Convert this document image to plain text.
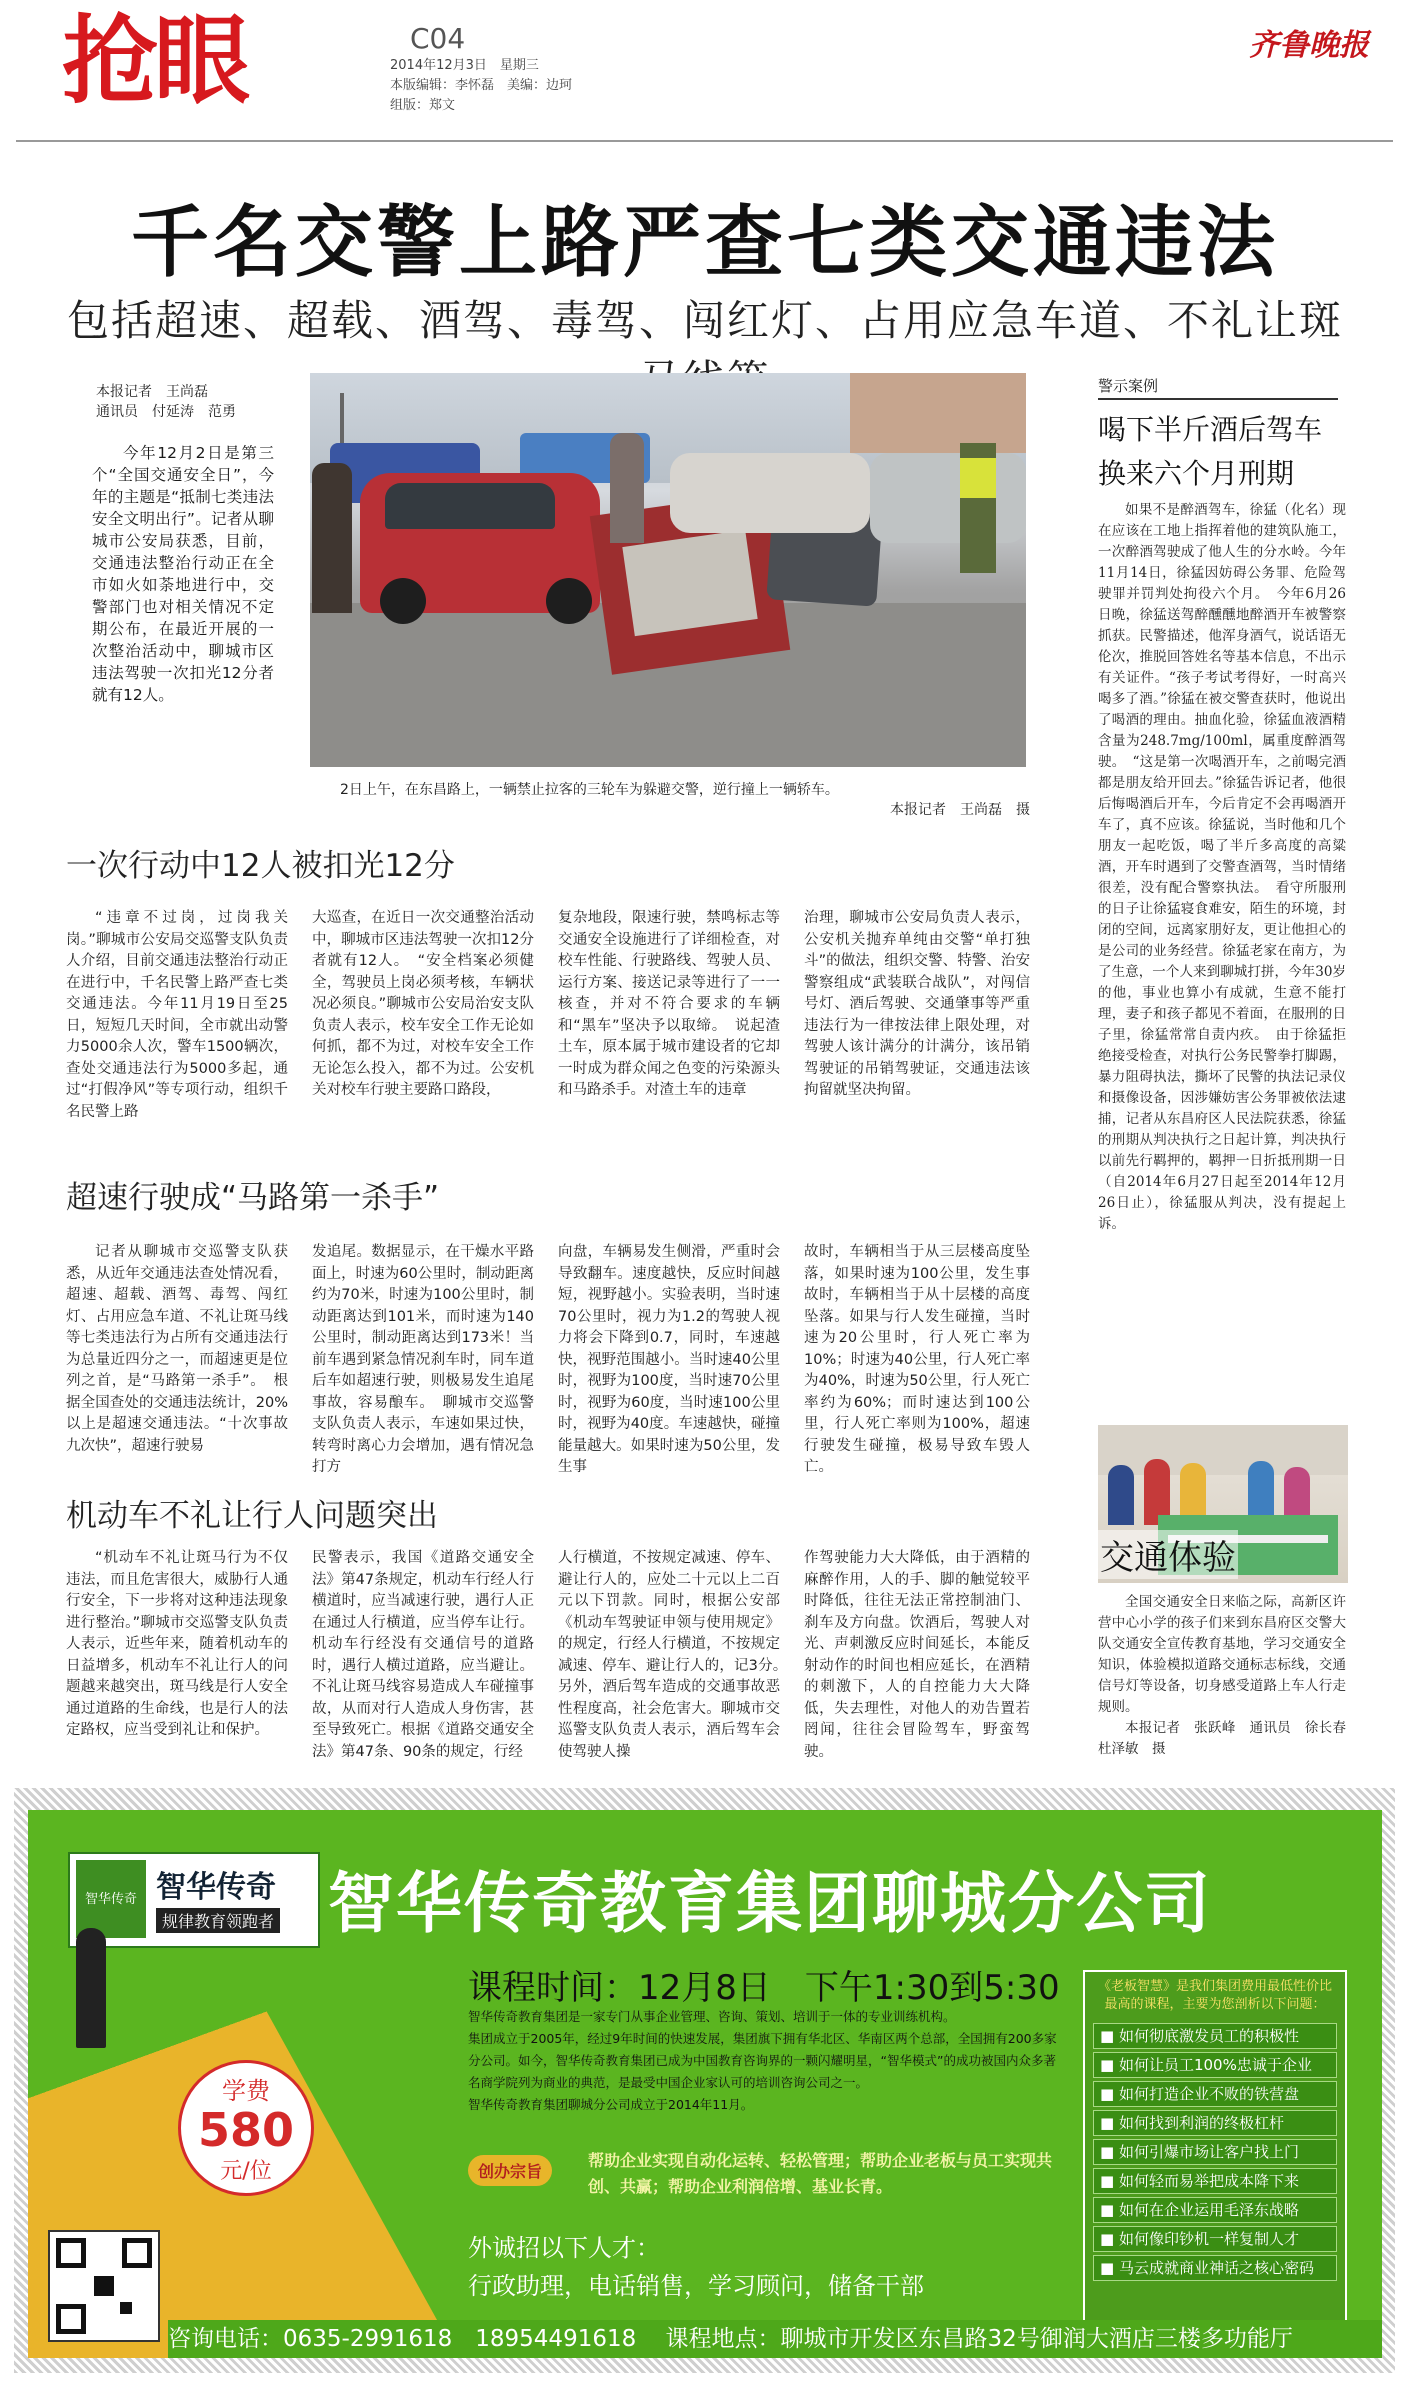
抢眼	C04
2014年12月3日　星期三
本版编辑：李怀磊　美编：边珂
组版：郑文
齐鲁晚报
千名交警上路严查七类交通违法
包括超速、超载、酒驾、毒驾、闯红灯、占用应急车道、不礼让斑
本报记者　王尚磊
通讯员　付延涛　范勇
今年12月2日是第三个“全国交通安全日”，今年的主题是“抵制七类违法安全文明出行”。记者从聊城市公安局获悉，目前，交通违法整治行动正在全市如火如荼地进行中，交警部门也对相关情况不定期公布，在最近开展的一次整治活动中，聊城市区违法驾驶一次扣光12分者就有12人。
2日上午，在东昌路上，一辆禁止拉客的三轮车为躲避交警，逆行撞上一辆轿车。
本报记者　王尚磊　摄
一次行动中12人被扣光12分
“违章不过岗，过岗我关岗。”聊城市公安局交巡警支队负责人介绍，目前交通违法整治行动正在进行中，千名民警上路严查七类交通违法。今年11月19日至25日，短短几天时间，全市就出动警力5000余人次，警车1500辆次，查处交通违法行为5000多起，通过“打假净风”等专项行动，组织千名民警上路
大巡查，在近日一次交通整治活动中，聊城市区违法驾驶一次扣12分者就有12人。　“安全档案必须健全，驾驶员上岗必须考核，车辆状况必须良。”聊城市公安局治安支队负责人表示，校车安全工作无论如何抓，都不为过，对校车安全工作无论怎么投入，都不为过。公安机关对校车行驶主要路口路段，
复杂地段，限速行驶，禁鸣标志等交通安全设施进行了详细检查，对校车性能、行驶路线、驾驶人员、运行方案、接送记录等进行了一一核查，并对不符合要求的车辆和“黑车”坚决予以取缔。　说起渣土车，原本属于城市建设者的它却一时成为群众闻之色变的污染源头和马路杀手。对渣土车的违章
治理，聊城市公安局负责人表示，公安机关抛弃单纯由交警“单打独斗”的做法，组织交警、特警、治安警察组成“武装联合战队”，对闯信号灯、酒后驾驶、交通肇事等严重违法行为一律按法律上限处理，对驾驶人该计满分的计满分，该吊销驾驶证的吊销驾驶证，交通违法该拘留就坚决拘留。
超速行驶成“马路第一杀手”
记者从聊城市交巡警支队获悉，从近年交通违法查处情况看，超速、超载、酒驾、毒驾、闯红灯、占用应急车道、不礼让斑马线等七类违法行为占所有交通违法行为总量近四分之一，而超速更是位列之首，是“马路第一杀手”。　根据全国查处的交通违法统计，20%以上是超速交通违法。“十次事故九次快”，超速行驶易
发追尾。数据显示，在干燥水平路面上，时速为60公里时，制动距离约为70米，时速为100公里时，制动距离达到101米，而时速为140公里时，制动距离达到173米！当前车遇到紧急情况刹车时，同车道后车如超速行驶，则极易发生追尾事故，容易酿车。　聊城市交巡警支队负责人表示，车速如果过快，转弯时离心力会增加，遇有情况急打方
向盘，车辆易发生侧滑，严重时会导致翻车。速度越快，反应时间越短，视野越小。实验表明，当时速70公里时，视力为1.2的驾驶人视力将会下降到0.7，同时，车速越快，视野范围越小。当时速40公里时，视野为100度，当时速70公里时，视野为60度，当时速100公里时，视野为40度。车速越快，碰撞能量越大。如果时速为50公里，发生事
故时，车辆相当于从三层楼高度坠落，如果时速为100公里，发生事故时，车辆相当于从十层楼的高度坠落。如果与行人发生碰撞，当时速为20公里时，行人死亡率为10%；时速为40公里，行人死亡率为40%，时速为50公里，行人死亡率约为60%；而时速达到100公里，行人死亡率则为100%，超速行驶发生碰撞，极易导致车毁人亡。
机动车不礼让行人问题突出
“机动车不礼让斑马行为不仅违法，而且危害很大，威胁行人通行安全，下一步将对这种违法现象进行整治。”聊城市交巡警支队负责人表示，近些年来，随着机动车的日益增多，机动车不礼让行人的问题越来越突出，斑马线是行人安全通过道路的生命线，也是行人的法定路权，应当受到礼让和保护。
民警表示，我国《道路交通安全法》第47条规定，机动车行经人行横道时，应当减速行驶，遇行人正在通过人行横道，应当停车让行。机动车行经没有交通信号的道路时，遇行人横过道路，应当避让。不礼让斑马线容易造成人车碰撞事故，从而对行人造成人身伤害，甚至导致死亡。根据《道路交通安全法》第47条、90条的规定，行经
人行横道，不按规定减速、停车、避让行人的，应处二十元以上二百元以下罚款。同时，根据公安部《机动车驾驶证申领与使用规定》的规定，行经人行横道，不按规定减速、停车、避让行人的，记3分。　另外，酒后驾车造成的交通事故恶性程度高，社会危害大。聊城市交巡警支队负责人表示，酒后驾车会使驾驶人操
作驾驶能力大大降低，由于酒精的麻醉作用，人的手、脚的触觉较平时降低，往往无法正常控制油门、刹车及方向盘。饮酒后，驾驶人对光、声刺激反应时间延长，本能反射动作的时间也相应延长，在酒精的刺激下，人的自控能力大大降低，失去理性，对他人的劝告置若罔闻，往往会冒险驾车，野蛮驾驶。
警示案例
喝下半斤酒后驾车换来六个月刑期
如果不是醉酒驾车，徐猛（化名）现在应该在工地上指挥着他的建筑队施工，一次醉酒驾驶成了他人生的分水岭。今年11月14日，徐猛因妨碍公务罪、危险驾驶罪并罚判处拘役六个月。　今年6月26日晚，徐猛送驾醉醺醺地醉酒开车被警察抓获。民警描述，他浑身酒气，说话语无伦次，推脱回答姓名等基本信息，不出示有关证件。“孩子考试考得好，一时高兴喝多了酒。”徐猛在被交警查获时，他说出了喝酒的理由。抽血化验，徐猛血液酒精含量为248.7mg/100ml，属重度醉酒驾驶。　“这是第一次喝酒开车，之前喝完酒都是朋友给开回去。”徐猛告诉记者，他很后悔喝酒后开车，今后肯定不会再喝酒开车了，真不应该。徐猛说，当时他和几个朋友一起吃饭，喝了半斤多高度的高粱酒，开车时遇到了交警查酒驾，当时情绪很差，没有配合警察执法。　看守所服刑的日子让徐猛寝食难安，陌生的环境，封闭的空间，远离家朋好友，更让他担心的是公司的业务经营。徐猛老家在南方，为了生意，一个人来到聊城打拼，今年30岁的他，事业也算小有成就，生意不能打理，妻子和孩子都见不着面，在服刑的日子里，徐猛常常自责内疚。　由于徐猛拒绝接受检查，对执行公务民警拳打脚踢，暴力阻碍执法，撕坏了民警的执法记录仪和摄像设备，因涉嫌妨害公务罪被依法逮捕，记者从东昌府区人民法院获悉，徐猛的刑期从判决执行之日起计算，判决执行以前先行羁押的，羁押一日折抵刑期一日（自2014年6月27日起至2014年12月26日止），徐猛服从判决，没有提起上诉。
交通体验
全国交通安全日来临之际，高新区许营中心小学的孩子们来到东昌府区交警大队交通安全宣传教育基地，学习交通安全知识，体验模拟道路交通标志标线，交通信号灯等设备，切身感受道路上车人行走规则。
本报记者　张跃峰　通讯员　徐长春　杜泽敏　摄
智华传奇 智华传奇
规律教育领跑者 智华传奇教育集团聊城分公司
课程时间：12月8日　下午1:30到5:30
学费
580
元/位
智华传奇教育集团是一家专门从事企业管理、咨询、策划、培训于一体的专业训练机构。
集团成立于2005年，经过9年时间的快速发展，集团旗下拥有华北区、华南区两个总部，全国拥有200多家分公司。如今，智华传奇教育集团已成为中国教育咨询界的一颗闪耀明星，“智华模式”的成功被国内众多著名商学院列为商业的典范，是最受中国企业家认可的培训咨询公司之一。
智华传奇教育集团聊城分公司成立于2014年11月。
创办宗旨
帮助企业实现自动化运转、轻松管理；帮助企业老板与员工实现共创、共赢；帮助企业利润倍增、基业长青。
外诚招以下人才：
行政助理，电话销售，学习顾问，储备干部
《老板智慧》是我们集团费用最低性价比最高的课程，主要为您剖析以下问题：
■ 如何彻底激发员工的积极性
■ 如何让员工100%忠诚于企业
■ 如何打造企业不败的铁营盘
■ 如何找到利润的终极杠杆
■ 如何引爆市场让客户找上门
■ 如何轻而易举把成本降下来
■ 如何在企业运用毛泽东战略
■ 如何像印钞机一样复制人才
■ 马云成就商业神话之核心密码
咨询电话：0635-2991618　18954491618 课程地点：聊城市开发区东昌路32号御润大酒店三楼多功能厅
